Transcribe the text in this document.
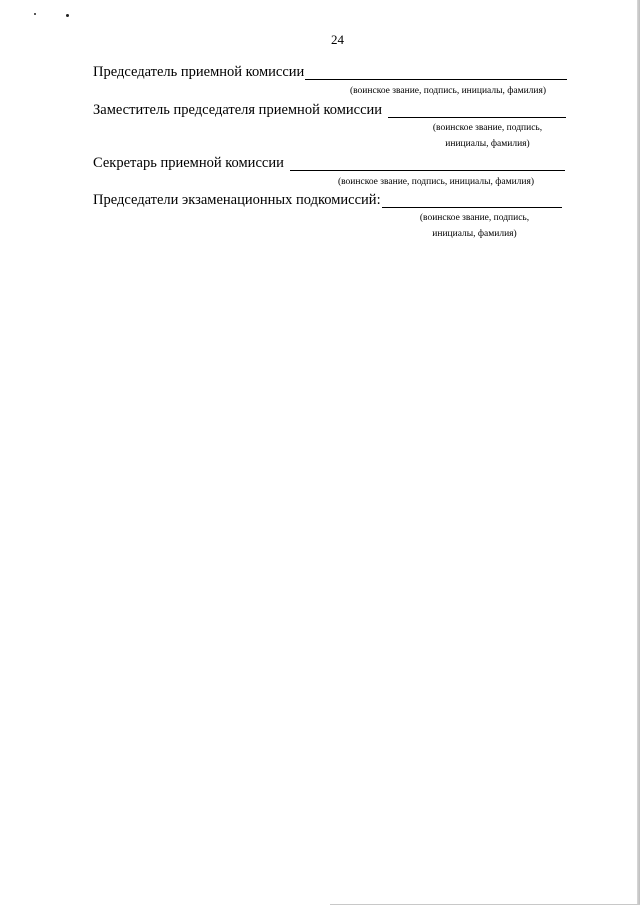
24
Председатель приемной комиссии
(воинское звание, подпись, инициалы, фамилия)
Заместитель председателя приемной комиссии
(воинское звание, подпись,
инициалы, фамилия)
Секретарь приемной комиссии
(воинское звание, подпись, инициалы, фамилия)
Председатели экзаменационных подкомиссий:
(воинское звание, подпись,
инициалы, фамилия)
